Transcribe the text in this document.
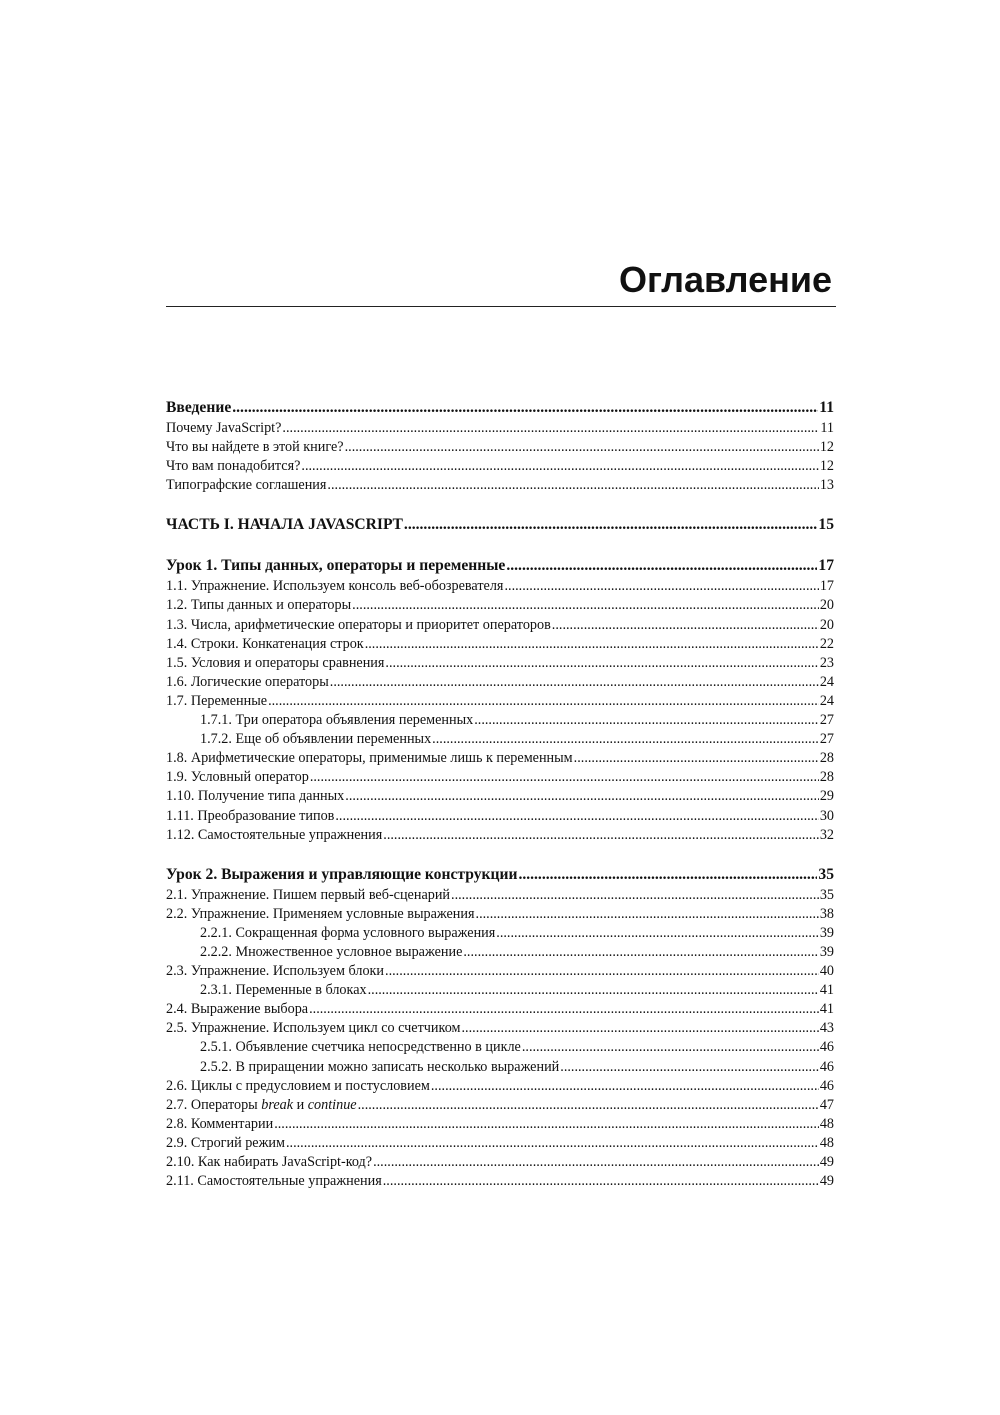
Оглавление
Введение .....	11
Почему JavaScript? .....	11
Что вы найдете в этой книге? .....	12
Что вам понадобится? .....	12
Типографские соглашения .....	13
ЧАСТЬ I. НАЧАЛА JAVASCRIPT .....	15
Урок 1. Типы данных, операторы и переменные .....	17
1.1. Упражнение. Используем консоль веб-обозревателя .....	17
1.2. Типы данных и операторы .....	20
1.3. Числа, арифметические операторы и приоритет операторов .....	20
1.4. Строки. Конкатенация строк .....	22
1.5. Условия и операторы сравнения .....	23
1.6. Логические операторы .....	24
1.7. Переменные .....	24
1.7.1. Три оператора объявления переменных .....	27
1.7.2. Еще об объявлении переменных .....	27
1.8. Арифметические операторы, применимые лишь к переменным .....	28
1.9. Условный оператор .....	28
1.10. Получение типа данных .....	29
1.11. Преобразование типов .....	30
1.12. Самостоятельные упражнения .....	32
Урок 2. Выражения и управляющие конструкции .....	35
2.1. Упражнение. Пишем первый веб-сценарий .....	35
2.2. Упражнение. Применяем условные выражения .....	38
2.2.1. Сокращенная форма условного выражения .....	39
2.2.2. Множественное условное выражение .....	39
2.3. Упражнение. Используем блоки .....	40
2.3.1. Переменные в блоках .....	41
2.4. Выражение выбора .....	41
2.5. Упражнение. Используем цикл со счетчиком .....	43
2.5.1. Объявление счетчика непосредственно в цикле .....	46
2.5.2. В приращении можно записать несколько выражений .....	46
2.6. Циклы с предусловием и постусловием .....	46
2.7. Операторы break и continue .....	47
2.8. Комментарии .....	48
2.9. Строгий режим .....	48
2.10. Как набирать JavaScript-код? .....	49
2.11. Самостоятельные упражнения .....	49
